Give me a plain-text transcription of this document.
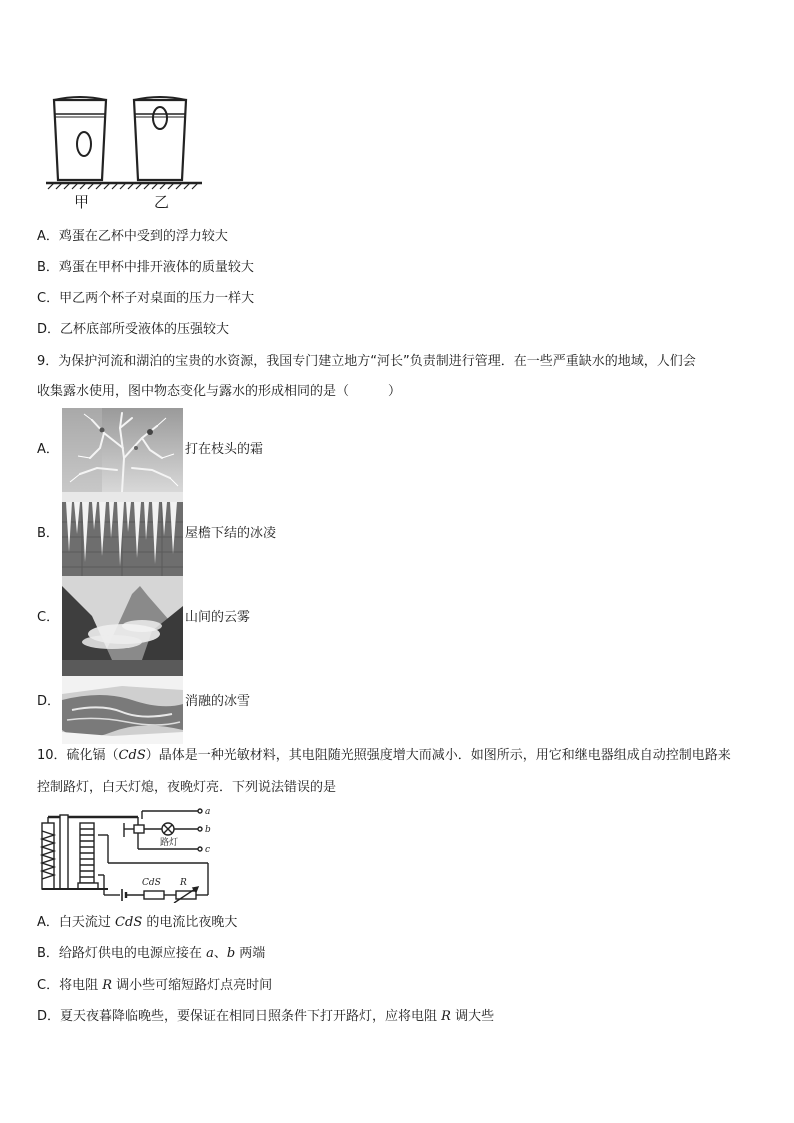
甲	乙
A．鸡蛋在乙杯中受到的浮力较大
B．鸡蛋在甲杯中排开液体的质量较大
C．甲乙两个杯子对桌面的压力一样大
D．乙杯底部所受液体的压强较大
9．为保护河流和湖泊的宝贵的水资源，我国专门建立地方“河长”负责制进行管理．在一些严重缺水的地域，人们会
收集露水使用，图中物态变化与露水的形成相同的是（　　　）
A．	打在枝头的霜
B．	屋檐下结的冰凌
C．	山间的云雾
D．	消融的冰雪
10．硫化镉（CdS）晶体是一种光敏材料，其电阻随光照强度增大而减小．如图所示，用它和继电器组成自动控制电路来
控制路灯，白天灯熄，夜晚灯亮．下列说法错误的是
a
b
c
路灯
CdS R
A．白天流过 CdS 的电流比夜晚大
B．给路灯供电的电源应接在 a、b 两端
C．将电阻 R 调小些可缩短路灯点亮时间
D．夏天夜暮降临晚些，要保证在相同日照条件下打开路灯，应将电阻 R 调大些
